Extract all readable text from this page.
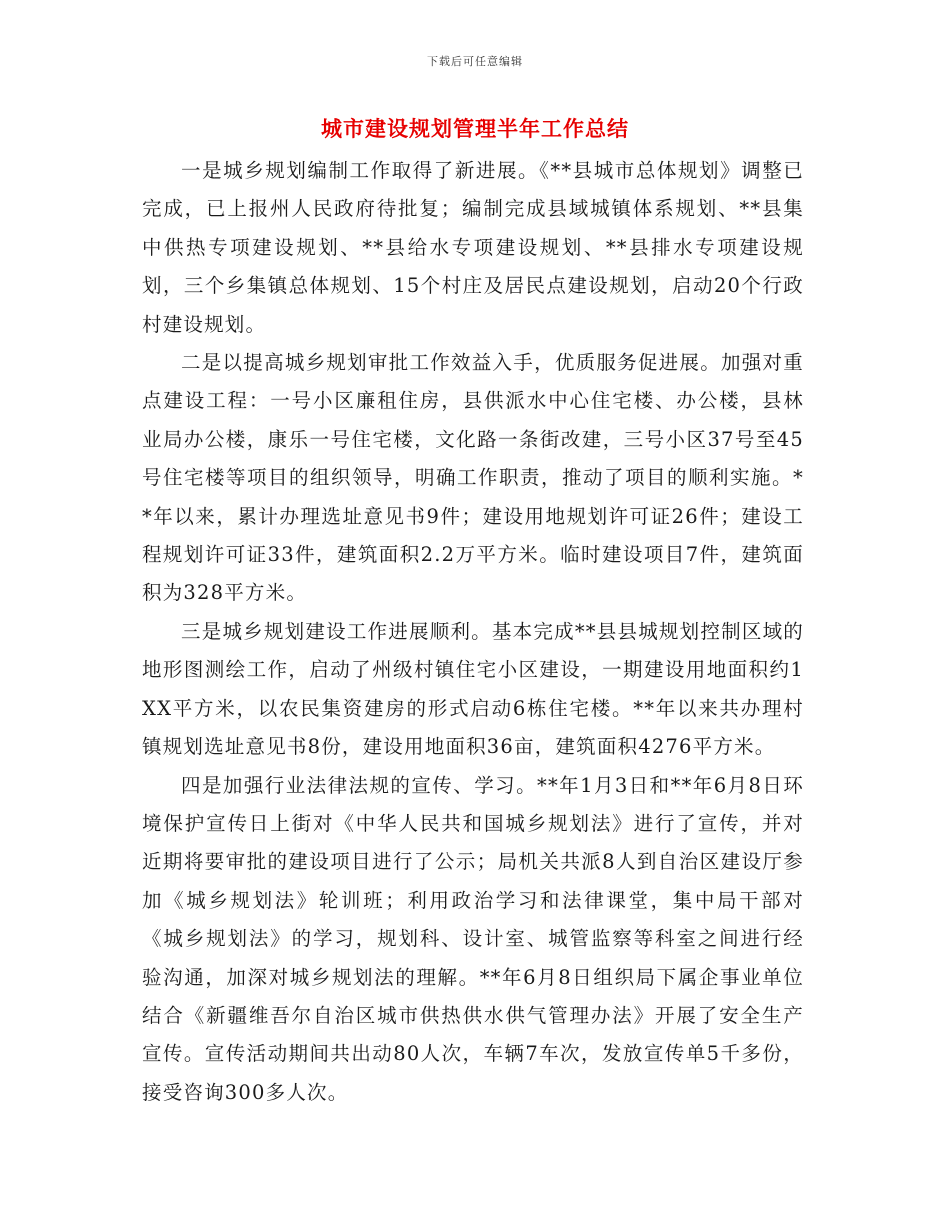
下载后可任意编辑
城市建设规划管理半年工作总结

一是城乡规划编制工作取得了新进展。《**县城市总体规划》调整已完成，已上报州人民政府待批复；编制完成县域城镇体系规划、**县集中供热专项建设规划、**县给水专项建设规划、**县排水专项建设规划，三个乡集镇总体规划、15个村庄及居民点建设规划，启动20个行政村建设规划。

二是以提高城乡规划审批工作效益入手，优质服务促进展。加强对重点建设工程：一号小区廉租住房，县供派水中心住宅楼、办公楼，县林业局办公楼，康乐一号住宅楼，文化路一条街改建，三号小区37号至45号住宅楼等项目的组织领导，明确工作职责，推动了项目的顺利实施。**年以来，累计办理选址意见书9件；建设用地规划许可证26件；建设工程规划许可证33件，建筑面积2.2万平方米。临时建设项目7件，建筑面积为328平方米。

三是城乡规划建设工作进展顺利。基本完成**县县城规划控制区域的地形图测绘工作，启动了州级村镇住宅小区建设，一期建设用地面积约1XX平方米，以农民集资建房的形式启动6栋住宅楼。**年以来共办理村镇规划选址意见书8份，建设用地面积36亩，建筑面积4276平方米。

四是加强行业法律法规的宣传、学习。**年1月3日和**年6月8日环境保护宣传日上街对《中华人民共和国城乡规划法》进行了宣传，并对近期将要审批的建设项目进行了公示；局机关共派8人到自治区建设厅参加《城乡规划法》轮训班；利用政治学习和法律课堂，集中局干部对《城乡规划法》的学习，规划科、设计室、城管监察等科室之间进行经验沟通，加深对城乡规划法的理解。**年6月8日组织局下属企事业单位结合《新疆维吾尔自治区城市供热供水供气管理办法》开展了安全生产宣传。宣传活动期间共出动80人次，车辆7车次，发放宣传单5千多份，接受咨询300多人次。
